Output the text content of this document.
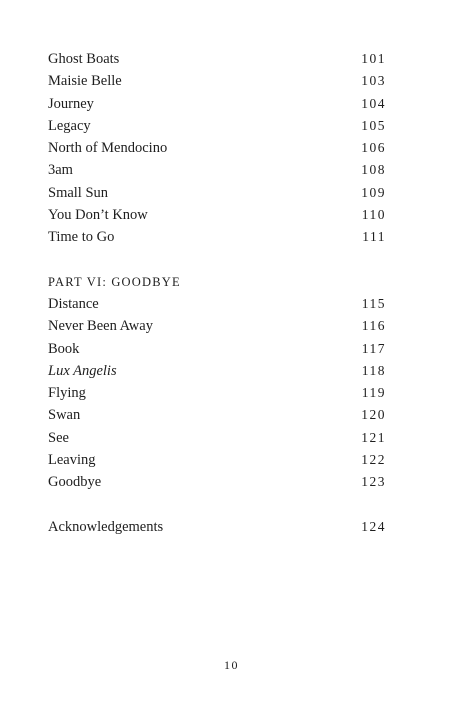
Ghost Boats	101
Maisie Belle	103
Journey	104
Legacy	105
North of Mendocino	106
3am	108
Small Sun	109
You Don’t Know	110
Time to Go	111
PART VI: GOODBYE
Distance	115
Never Been Away	116
Book	117
Lux Angelis	118
Flying	119
Swan	120
See	121
Leaving	122
Goodbye	123
Acknowledgements	124
10
